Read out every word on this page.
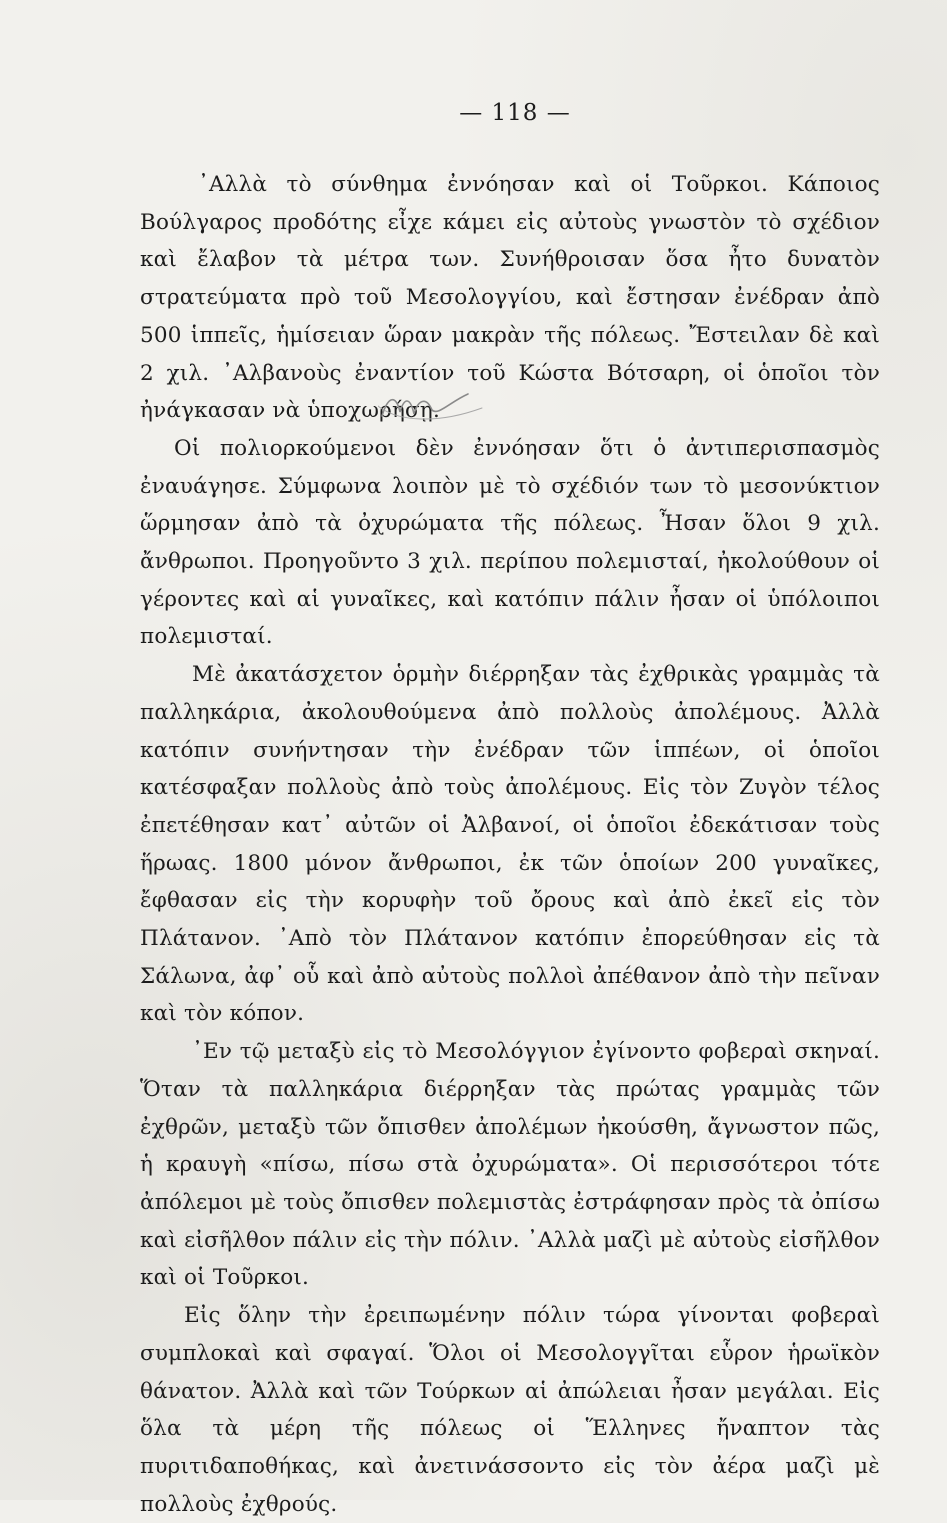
— 118 —

᾿Αλλὰ τὸ σύνθημα ἐννόησαν καὶ οἱ Τοῦρκοι. Κάποιος Βούλγαρος προδότης εἶχε κάμει εἰς αὐτοὺς γνωστὸν τὸ σχέδιον καὶ ἔλαβον τὰ μέτρα των. Συνήθροισαν ὅσα ἦτο δυνατὸν στρατεύματα πρὸ τοῦ Μεσολογγίου, καὶ ἔστησαν ἐνέδραν ἀπὸ 500 ἱππεῖς, ἡμίσειαν ὥραν μακρὰν τῆς πόλεως. Ἔστειλαν δὲ καὶ 2 χιλ. ᾿Αλβανοὺς ἐναντίον τοῦ Κώστα Βότσαρη, οἱ ὁποῖοι τὸν ἠνάγκασαν νὰ ὑποχωρήσῃ.

Οἱ πολιορκούμενοι δὲν ἐννόησαν ὅτι ὁ ἀντιπερισπασμὸς ἐναυάγησε. Σύμφωνα λοιπὸν μὲ τὸ σχέδιόν των τὸ μεσονύκτιον ὥρμησαν ἀπὸ τὰ ὀχυρώματα τῆς πόλεως. Ἦσαν ὅλοι 9 χιλ. ἄνθρωποι. Προηγοῦντο 3 χιλ. περίπου πολεμισταί, ἠκολούθουν οἱ γέροντες καὶ αἱ γυναῖκες, καὶ κατόπιν πάλιν ἦσαν οἱ ὑπόλοιποι πολεμισταί.

Μὲ ἀκατάσχετον ὁρμὴν διέρρηξαν τὰς ἐχθρικὰς γραμμὰς τὰ παλληκάρια, ἀκολουθούμενα ἀπὸ πολλοὺς ἀπολέμους. Ἀλλὰ κατόπιν συνήντησαν τὴν ἐνέδραν τῶν ἱππέων, οἱ ὁποῖοι κατέσφαξαν πολλοὺς ἀπὸ τοὺς ἀπολέμους. Εἰς τὸν Ζυγὸν τέλος ἐπετέθησαν κατ᾿ αὐτῶν οἱ Ἀλβανοί, οἱ ὁποῖοι ἐδεκάτισαν τοὺς ἥρωας. 1800 μόνον ἄνθρωποι, ἐκ τῶν ὁποίων 200 γυναῖκες, ἔφθασαν εἰς τὴν κορυφὴν τοῦ ὄρους καὶ ἀπὸ ἐκεῖ εἰς τὸν Πλάτανον. ᾿Απὸ τὸν Πλάτανον κατόπιν ἐπορεύθησαν εἰς τὰ Σάλωνα, ἀφ᾿ οὗ καὶ ἀπὸ αὐτοὺς πολλοὶ ἀπέθανον ἀπὸ τὴν πεῖναν καὶ τὸν κόπον.

᾿Εν τῷ μεταξὺ εἰς τὸ Μεσολόγγιον ἐγίνοντο φοβεραὶ σκηναί. Ὅταν τὰ παλληκάρια διέρρηξαν τὰς πρώτας γραμμὰς τῶν ἐχθρῶν, μεταξὺ τῶν ὄπισθεν ἀπολέμων ἠκούσθη, ἄγνωστον πῶς, ἡ κραυγὴ «πίσω, πίσω στὰ ὀχυρώματα». Οἱ περισσότεροι τότε ἀπόλεμοι μὲ τοὺς ὄπισθεν πολεμιστὰς ἐστράφησαν πρὸς τὰ ὀπίσω καὶ εἰσῆλθον πάλιν εἰς τὴν πόλιν. ᾿Αλλὰ μαζὶ μὲ αὐτοὺς εἰσῆλθον καὶ οἱ Τοῦρκοι.

Εἰς ὅλην τὴν ἐρειπωμένην πόλιν τώρα γίνονται φοβεραὶ συμπλοκαὶ καὶ σφαγαί. Ὅλοι οἱ Μεσολογγῖται εὗρον ἡρωϊκὸν θάνατον. Ἀλλὰ καὶ τῶν Τούρκων αἱ ἀπώλειαι ἦσαν μεγάλαι. Εἰς ὅλα τὰ μέρη τῆς πόλεως οἱ Ἕλληνες ἤναπτον τὰς πυριτιδαποθήκας, καὶ ἀνετινάσσοντο εἰς τὸν ἀέρα μαζὶ μὲ πολλοὺς ἐχθρούς.
